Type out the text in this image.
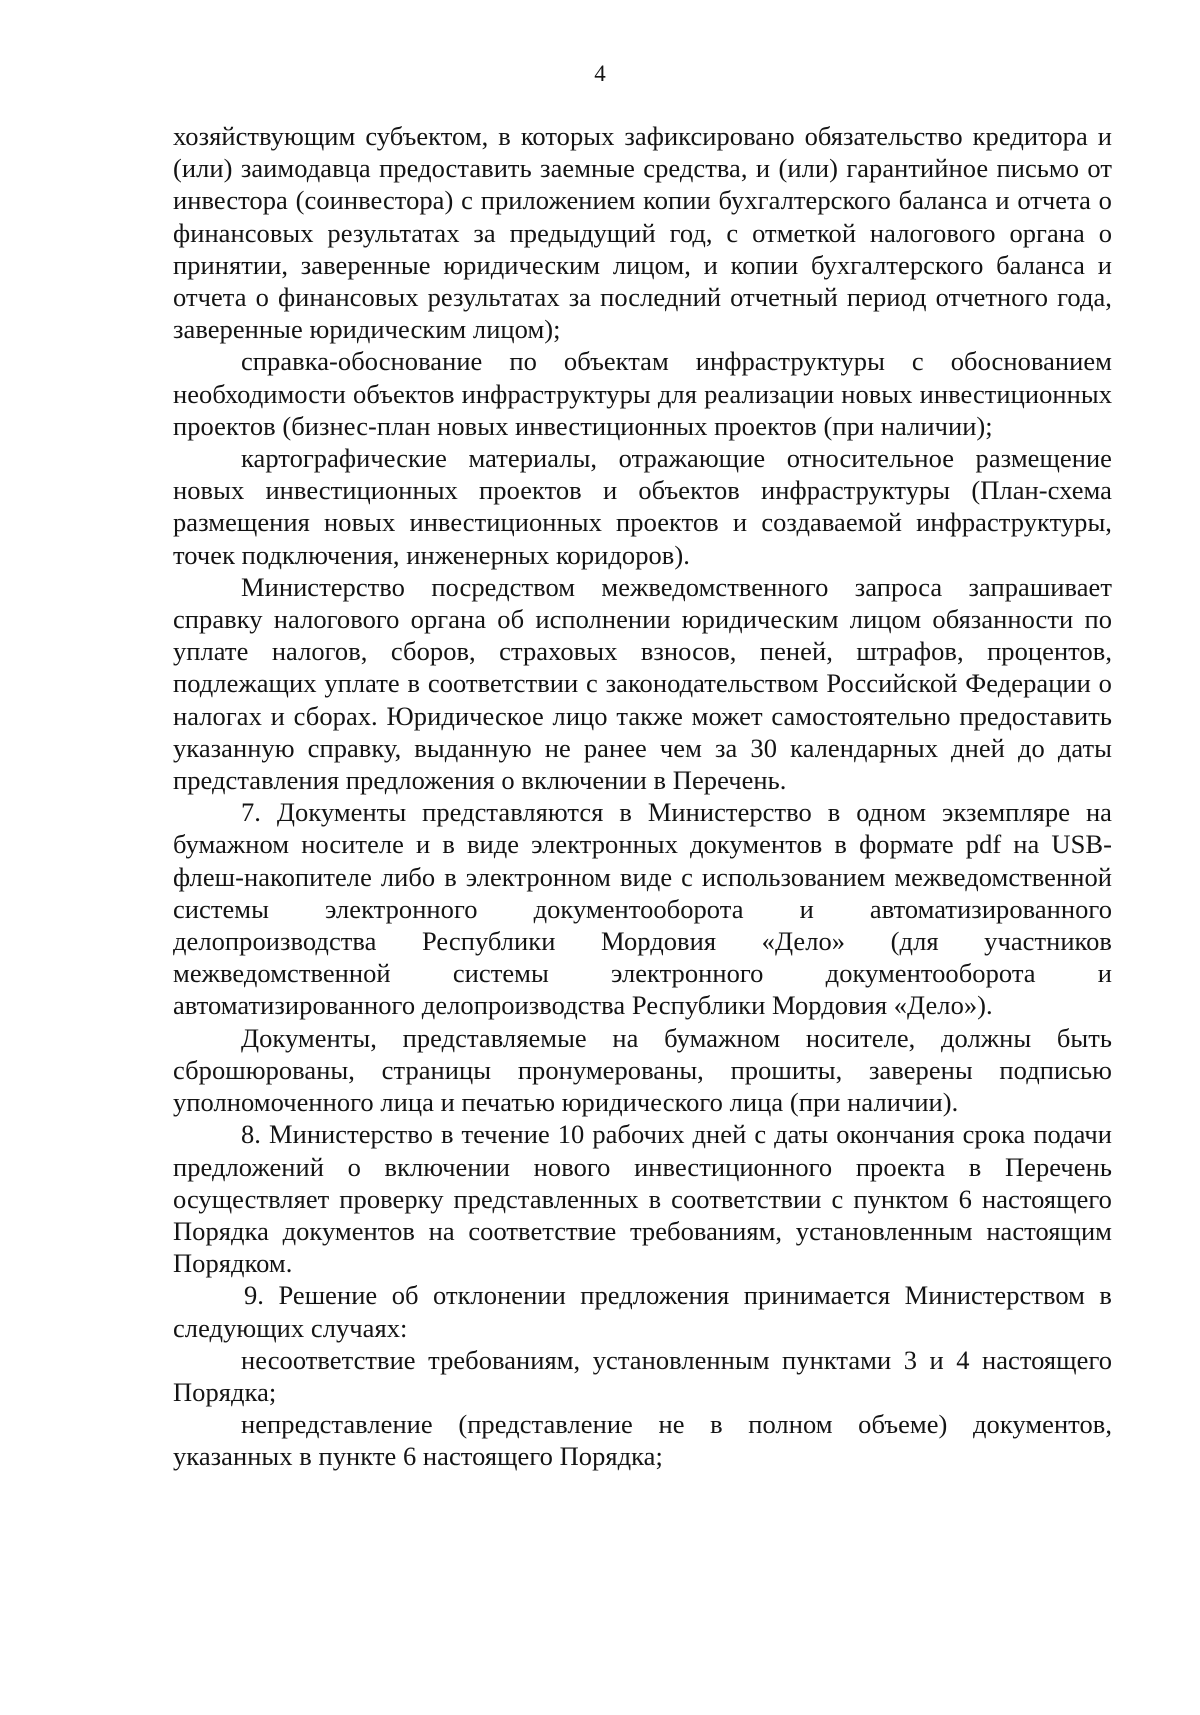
4

хозяйствующим субъектом, в которых зафиксировано обязательство кредитора и (или) заимодавца предоставить заемные средства, и (или) гарантийное письмо от инвестора (соинвестора) с приложением копии бухгалтерского баланса и отчета о финансовых результатах за предыдущий год, с отметкой налогового органа о принятии, заверенные юридическим лицом, и копии бухгалтерского баланса и отчета о финансовых результатах за последний отчетный период отчетного года, заверенные юридическим лицом);

справка-обоснование по объектам инфраструктуры с обоснованием необходимости объектов инфраструктуры для реализации новых инвестиционных проектов (бизнес-план новых инвестиционных проектов (при наличии);

картографические материалы, отражающие относительное размещение новых инвестиционных проектов и объектов инфраструктуры (План-схема размещения новых инвестиционных проектов и создаваемой инфраструктуры, точек подключения, инженерных коридоров).

Министерство посредством межведомственного запроса запрашивает справку налогового органа об исполнении юридическим лицом обязанности по уплате налогов, сборов, страховых взносов, пеней, штрафов, процентов, подлежащих уплате в соответствии с законодательством Российской Федерации о налогах и сборах. Юридическое лицо также может самостоятельно предоставить указанную справку, выданную не ранее чем за 30 календарных дней до даты представления предложения о включении в Перечень.

7. Документы представляются в Министерство в одном экземпляре на бумажном носителе и в виде электронных документов в формате pdf на USB-флеш-накопителе либо в электронном виде с использованием межведомственной системы электронного документооборота и автоматизированного делопроизводства Республики Мордовия «Дело» (для участников межведомственной системы электронного документооборота и автоматизированного делопроизводства Республики Мордовия «Дело»).

Документы, представляемые на бумажном носителе, должны быть сброшюрованы, страницы пронумерованы, прошиты, заверены подписью уполномоченного лица и печатью юридического лица (при наличии).

8. Министерство в течение 10 рабочих дней с даты окончания срока подачи предложений о включении нового инвестиционного проекта в Перечень осуществляет проверку представленных в соответствии с пунктом 6 настоящего Порядка документов на соответствие требованиям, установленным настоящим Порядком.

9. Решение об отклонении предложения принимается Министерством в следующих случаях:

несоответствие требованиям, установленным пунктами 3 и 4 настоящего Порядка;

непредставление (представление не в полном объеме) документов, указанных в пункте 6 настоящего Порядка;
